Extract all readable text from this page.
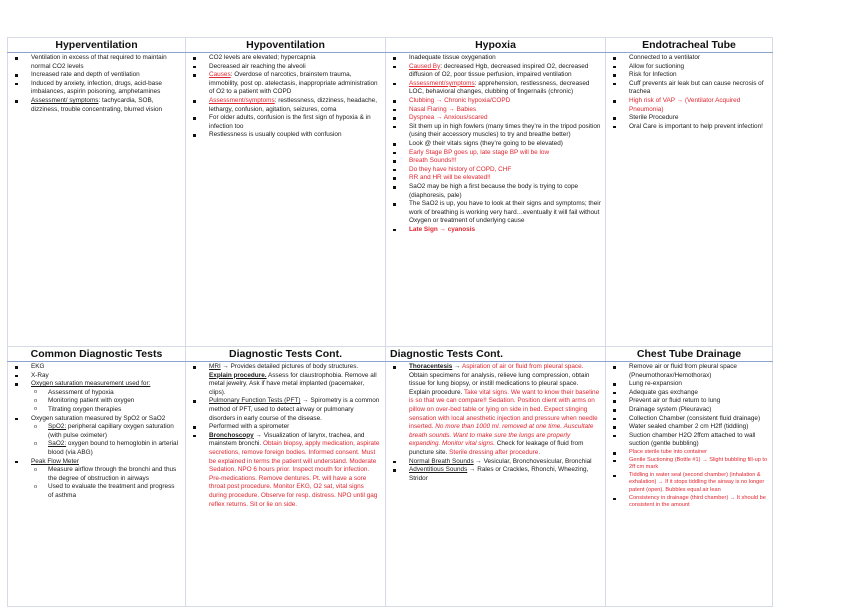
Hyperventilation	Hypoventilation	Hypoxia	Endotracheal Tube

Ventilation in excess of that required to maintain normal CO2 levels
Increased rate and depth of ventilation
Induced by anxiety, infection, drugs, acid-base imbalances, aspirin poisoning, amphetamines
Assessment/ symptoms: tachycardia, SOB, dizziness, trouble concentrating, blurred vision

CO2 levels are elevated; hypercapnia
Decreased air reaching the alveoli
Causes: Overdose of narcotics, brainstem trauma, immobility, post op. atelectasis, inappropriate administration of O2 to a patient with COPD
Assessment/symptoms: restlessness, dizziness, headache, lethargy, confusion, agitation, seizures, coma
For older adults, confusion is the first sign of hypoxia & in infection too
Restlessness is usually coupled with confusion

Inadequate tissue oxygenation
Caused By: decreased Hgb, decreased inspired O2, decreased diffusion of O2, poor tissue perfusion, impaired ventilation
Assessment/symptoms: apprehension, restlessness, decreased LOC, behavioral changes, clubbing of fingernails (chronic)
Clubbing → Chronic hypoxia/COPD
Nasal Flaring → Babies
Dyspnea → Anxious/scared
Sit them up in high fowlers (many times they’re in the tripod position (using their accessory muscles) to try and breathe better)
Look @ their vitals signs (they’re going to be elevated)
Early Stage BP goes up, late stage BP will be low
Breath Sounds!!!
Do they have history of COPD, CHF
RR and HR will be elevated!!
SaO2 may be high a first because the body is trying to cope (diaphoresis, pale)
The SaO2 is up, you have to look at their signs and symptoms; their work of breathing is working very hard…eventually it will fail without Oxygen or treatment of underlying cause
Late Sign → cyanosis

Connected to a ventilator
Allow for suctioning
Risk for Infection
Cuff prevents air leak but can cause necrosis of trachea
High risk of VAP → (Ventilator Acquired Pneumonia)
Sterile Procedure
Oral Care is important to help prevent infection!

Common Diagnostic Tests	Diagnostic Tests Cont.	Diagnostic Tests Cont.	Chest Tube Drainage

EKG
X-Ray
Oxygen saturation measurement used for:
o Assessment of hypoxia
o Monitoring patient with oxygen
o Titrating oxygen therapies
Oxygen saturation measured by SpO2 or SaO2
o SpO2: peripheral capillary oxygen saturation (with pulse oximeter)
o SaO2: oxygen bound to hemoglobin in arterial blood (via ABG)
Peak Flow Meter
o Measure airflow through the bronchi and thus the degree of obstruction in airways
o Used to evaluate the treatment and progress of asthma

MRI → Provides detailed pictures of body structures. Explain procedure. Assess for claustrophobia. Remove all metal jewelry. Ask if have metal implanted (pacemaker, clips).
Pulmonary Function Tests (PFT) → Spirometry is a common method of PFT, used to detect airway or pulmonary disorders in early course of the disease.
Performed with a spirometer
Bronchoscopy → Visualization of larynx, trachea, and mainstem bronchi. Obtain biopsy, apply medication, aspirate secretions, remove foreign bodies. Informed consent. Must be explained in terms the patient will understand. Moderate Sedation. NPO 6 hours prior. Inspect mouth for infection. Pre-medications. Remove dentures. Pt. will have a sore throat post procedure. Monitor EKG, O2 sat, vital signs during procedure. Observe for resp. distress. NPO until gag reflex returns. Sit or lie on side.

Thoracentesis → Aspiration of air or fluid from pleural space. Obtain specimens for analysis, relieve lung compression, obtain tissue for lung biopsy, or instill medications to pleural space. Explain procedure. Take vital signs. We want to know their baseline is so that we can compare!! Sedation. Position client with arms on pillow on over-bed table or lying on side in bed. Expect stinging sensation with local anesthetic injection and pressure when needle inserted. No more than 1000 ml. removed at one time. Auscultate breath sounds. Want to make sure the lungs are properly expanding. Monitor vital signs. Check for leakage of fluid from puncture site. Sterile dressing after procedure.
Normal Breath Sounds → Vesicular, Bronchovesicular, Bronchial
Adventitious Sounds → Rales or Crackles, Rhonchi, Wheezing, Stridor

Remove air or fluid from pleural space (Pneumothorax/Hemothorax)
Lung re-expansion
Adequate gas exchange
Prevent air or fluid return to lung
Drainage system (Pleuravac)
Collection Chamber (consistent fluid drainage)
Water sealed chamber 2 cm H2ff (tiddling)
Suction chamber H2O 2ffcm attached to wall suction (gentle bubbling)
Place sterile tube into container
Gentle Suctioning (Bottle #1) → Slight bubbling fill-up to 2ff cm mark
Tiddling in water seal (second chamber) (inhalation & exhalation) → If it stops tiddling the airway is no longer patent (open). Bubbles equal air lean
Consistency in drainage (third chamber) → It should be consistent in the amount
